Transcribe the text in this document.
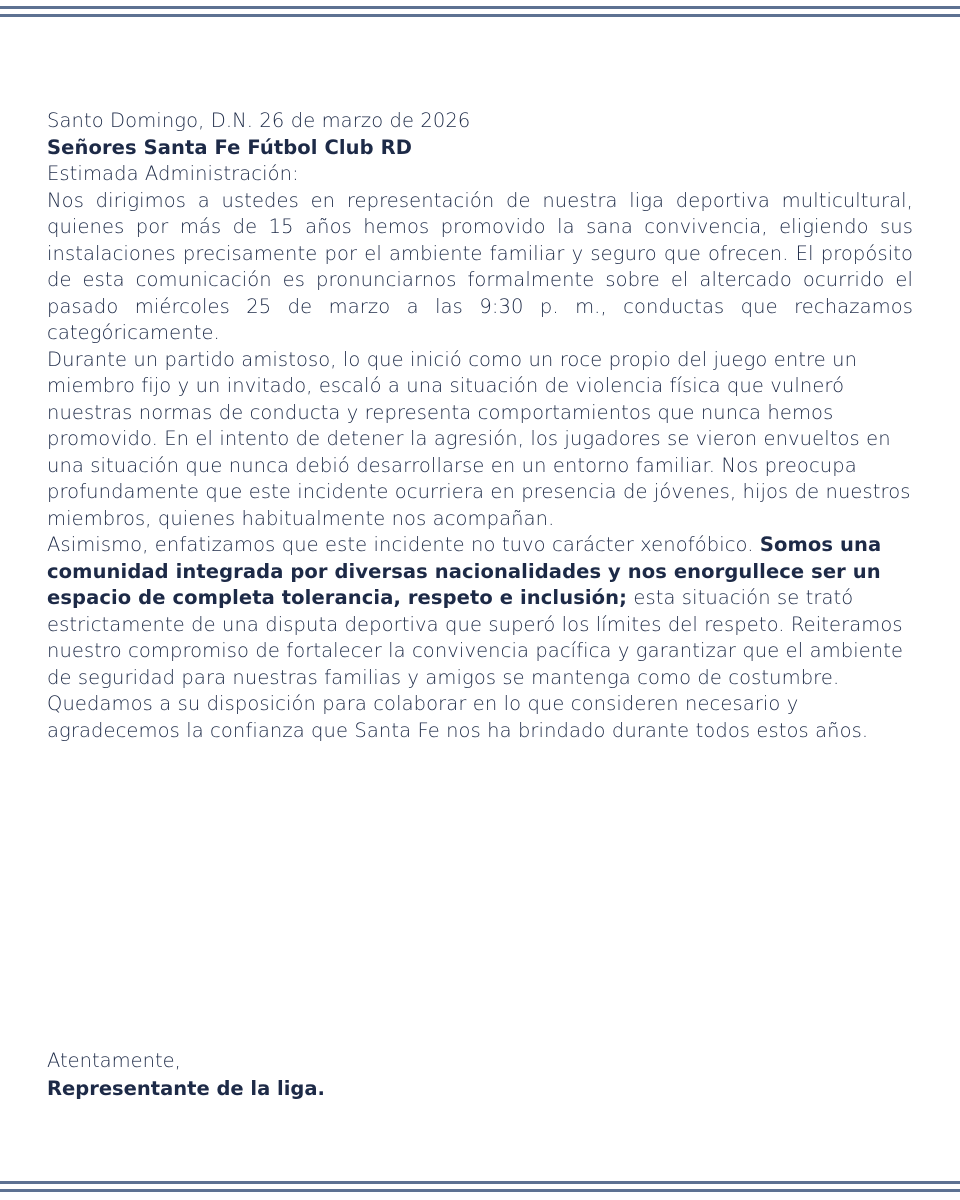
Santo Domingo, D.N. 26 de marzo de 2026

Señores Santa Fe Fútbol Club RD

Estimada Administración:

Nos dirigimos a ustedes en representación de nuestra liga deportiva multicultural, quienes por más de 15 años hemos promovido la sana convivencia, eligiendo sus instalaciones precisamente por el ambiente familiar y seguro que ofrecen. El propósito de esta comunicación es pronunciarnos formalmente sobre el altercado ocurrido el pasado miércoles 25 de marzo a las 9:30 p. m., conductas que rechazamos categóricamente.

Durante un partido amistoso, lo que inició como un roce propio del juego entre un miembro fijo y un invitado, escaló a una situación de violencia física que vulneró nuestras normas de conducta y representa comportamientos que nunca hemos promovido. En el intento de detener la agresión, los jugadores se vieron envueltos en una situación que nunca debió desarrollarse en un entorno familiar. Nos preocupa profundamente que este incidente ocurriera en presencia de jóvenes, hijos de nuestros miembros, quienes habitualmente nos acompañan.

Asimismo, enfatizamos que este incidente no tuvo carácter xenofóbico. Somos una comunidad integrada por diversas nacionalidades y nos enorgullece ser un espacio de completa tolerancia, respeto e inclusión; esta situación se trató estrictamente de una disputa deportiva que superó los límites del respeto. Reiteramos nuestro compromiso de fortalecer la convivencia pacífica y garantizar que el ambiente de seguridad para nuestras familias y amigos se mantenga como de costumbre. Quedamos a su disposición para colaborar en lo que consideren necesario y agradecemos la confianza que Santa Fe nos ha brindado durante todos estos años.

Atentamente,
Representante de la liga.
